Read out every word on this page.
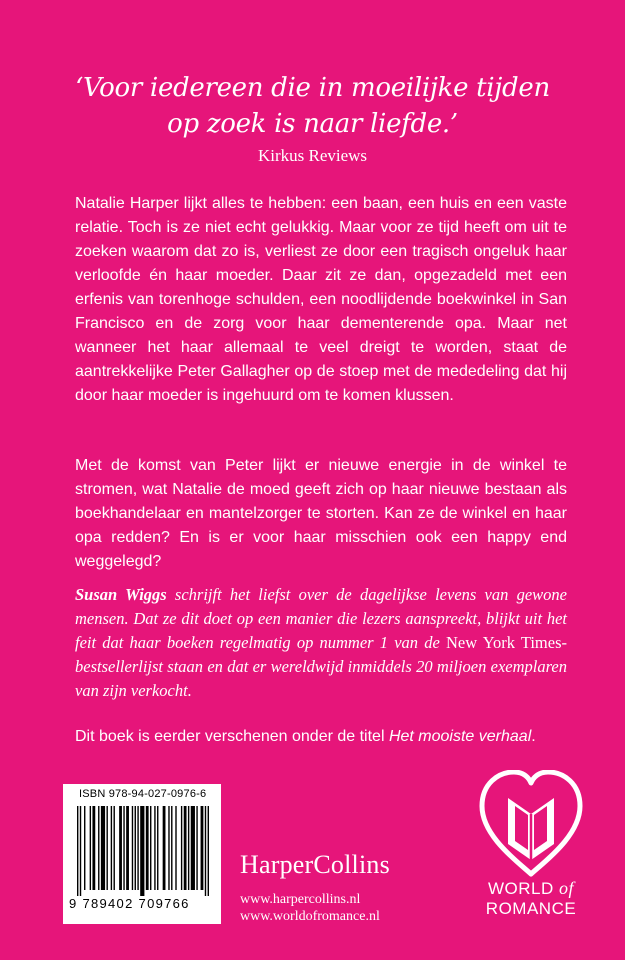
‘Voor iedereen die in moeilijke tijden
op zoek is naar liefde.’
Kirkus Reviews
Natalie Harper lijkt alles te hebben: een baan, een huis en een vaste relatie. Toch is ze niet echt gelukkig. Maar voor ze tijd heeft om uit te zoeken waarom dat zo is, verliest ze door een tragisch ongeluk haar verloofde én haar moeder. Daar zit ze dan, opgezadeld met een erfenis van torenhoge schulden, een noodlijdende boekwinkel in San Francisco en de zorg voor haar dementerende opa. Maar net wanneer het haar allemaal te veel dreigt te worden, staat de aantrekkelijke Peter Gallagher op de stoep met de mededeling dat hij door haar moeder is ingehuurd om te komen klussen.
Met de komst van Peter lijkt er nieuwe energie in de winkel te stromen, wat Natalie de moed geeft zich op haar nieuwe bestaan als boekhandelaar en mantelzorger te storten. Kan ze de winkel en haar opa redden? En is er voor haar misschien ook een happy end weggelegd?
Susan Wiggs schrijft het liefst over de dagelijkse levens van gewone mensen. Dat ze dit doet op een manier die lezers aanspreekt, blijkt uit het feit dat haar boeken regelmatig op nummer 1 van de New York Times-bestsellerlijst staan en dat er wereldwijd inmiddels 20 miljoen exemplaren van zijn verkocht.
Dit boek is eerder verschenen onder de titel Het mooiste verhaal.
ISBN 978-94-027-0976-6
9 789402 709766
HarperCollins
www.harpercollins.nl
www.worldofromance.nl
WORLD of
ROMANCE
